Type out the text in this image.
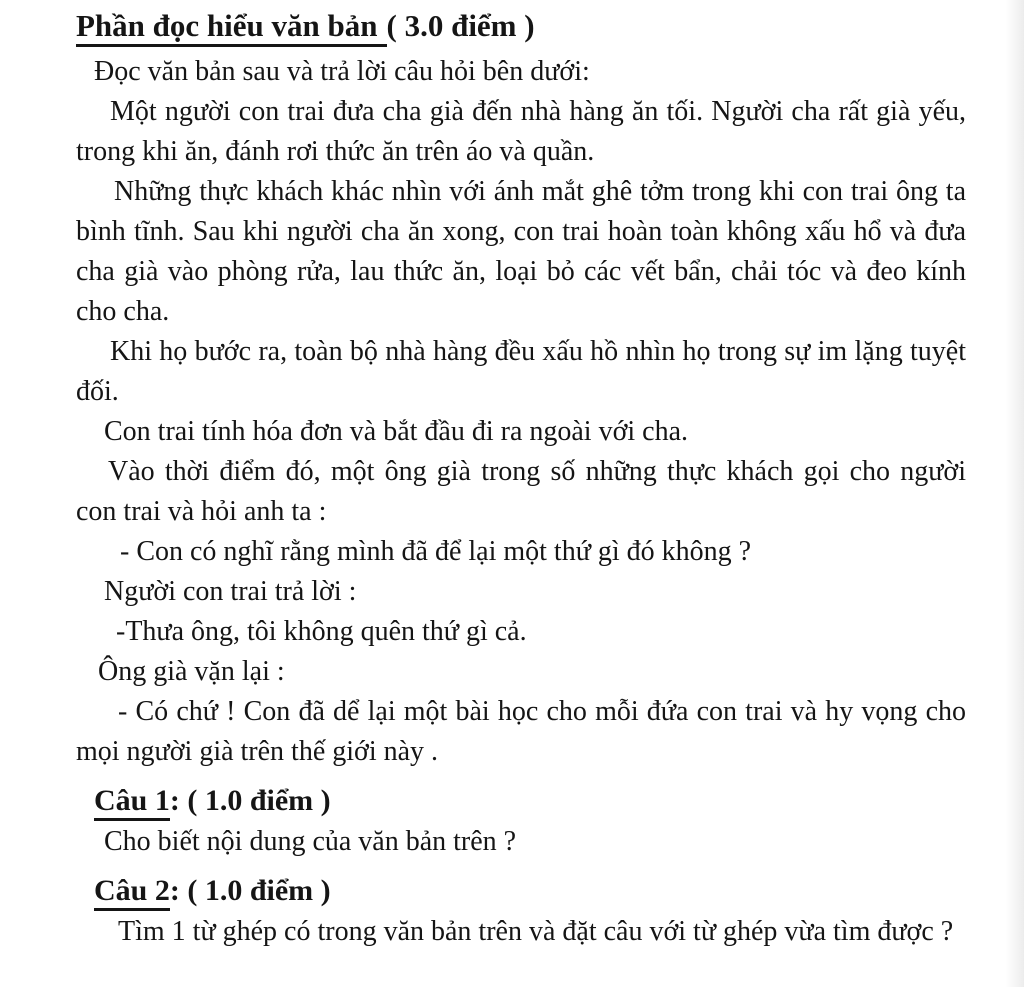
Phần đọc hiểu văn bản ( 3.0 điểm )

Đọc văn bản sau và trả lời câu hỏi bên dưới:

Một người con trai đưa cha già đến nhà hàng ăn tối. Người cha rất già yếu, trong khi ăn, đánh rơi thức ăn trên áo và quần.

Những thực khách khác nhìn với ánh mắt ghê tởm trong khi con trai ông ta bình tĩnh. Sau khi người cha ăn xong, con trai hoàn toàn không xấu hổ và đưa cha già vào phòng rửa, lau thức ăn, loại bỏ các vết bẩn, chải tóc và đeo kính cho cha.

Khi họ bước ra, toàn bộ nhà hàng đều xấu hồ nhìn họ trong sự im lặng tuyệt đối.

Con trai tính hóa đơn và bắt đầu đi ra ngoài với cha.

Vào thời điểm đó, một ông già trong số những thực khách gọi cho người con trai và hỏi anh ta :

- Con có nghĩ rằng mình đã để lại một thứ gì đó không ?

Người con trai trả lời :

-Thưa ông, tôi không quên thứ gì cả.

Ông già vặn lại :

- Có chứ ! Con đã dể lại một bài học cho mỗi đứa con trai và hy vọng cho mọi người già trên thế giới này .

Câu 1: ( 1.0 điểm )

Cho biết nội dung của văn bản trên ?

Câu 2: ( 1.0 điểm )

Tìm 1 từ ghép có trong văn bản trên và đặt câu với từ ghép vừa tìm được ?
